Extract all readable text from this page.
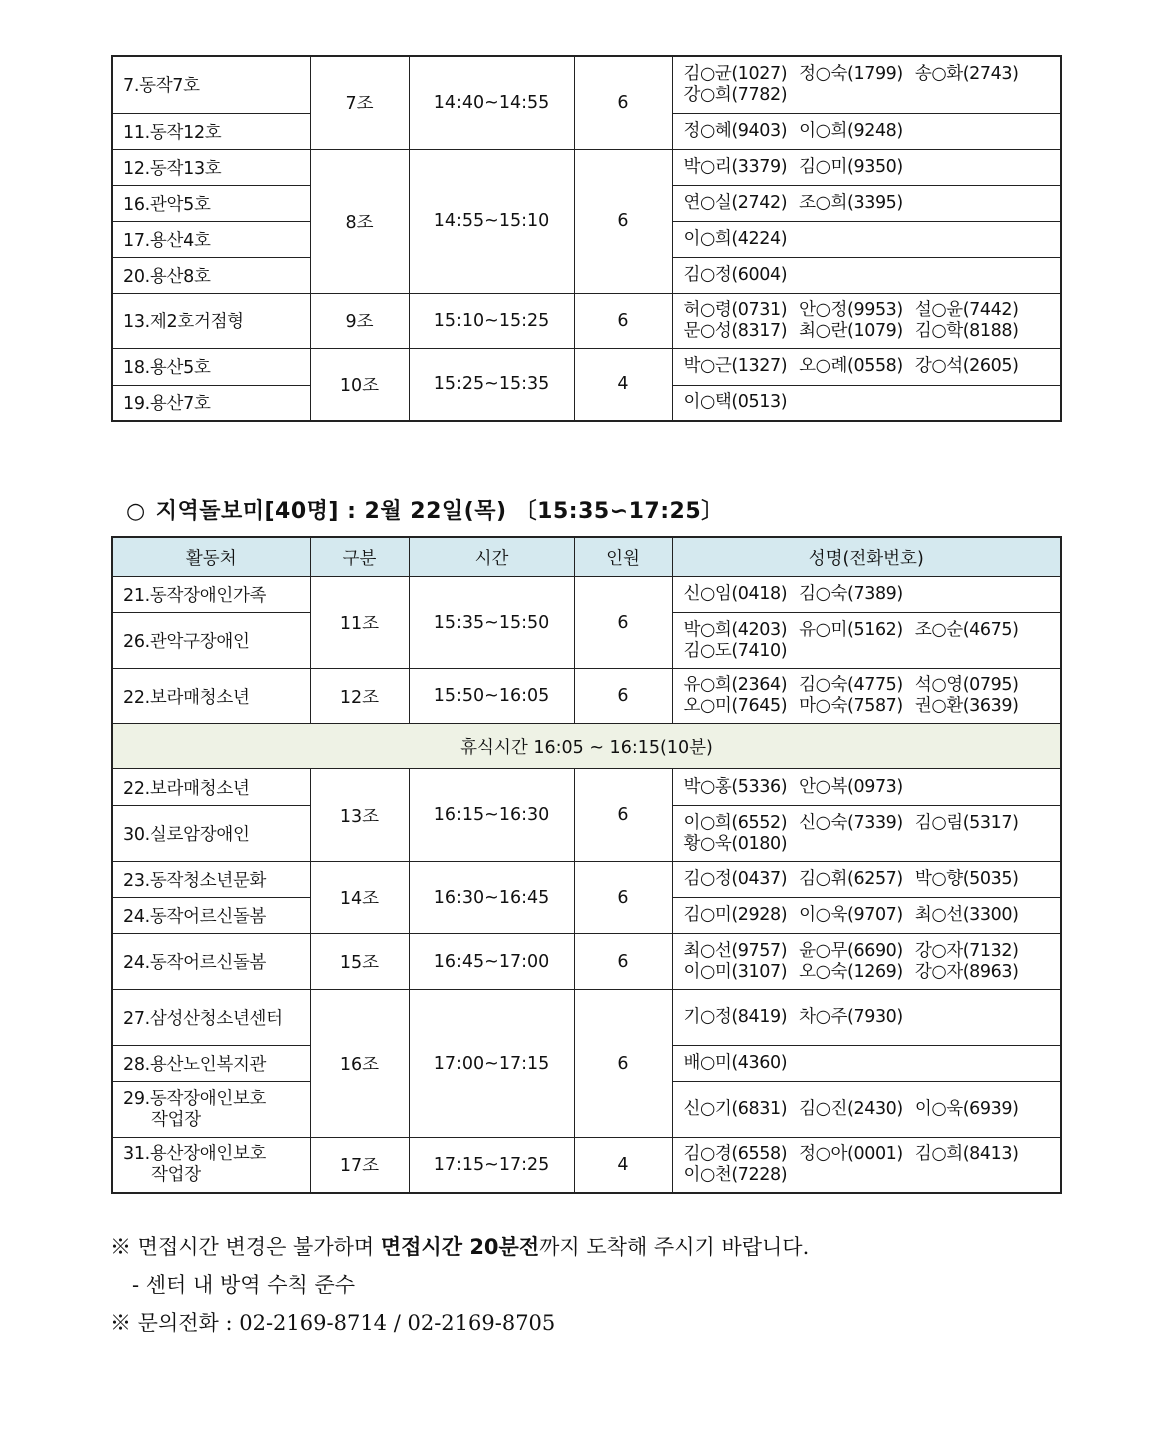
7.동작7호	7조	14:40~14:55	6	김○균(1027) 정○숙(1799) 송○화(2743)
강○희(7782)
11.동작12호				정○혜(9403) 이○희(9248)
12.동작13호	8조	14:55~15:10	6	박○리(3379) 김○미(9350)
16.관악5호				연○실(2742) 조○희(3395)
17.용산4호				이○희(4224)
20.용산8호				김○정(6004)
13.제2호거점형	9조	15:10~15:25	6	허○령(0731) 안○정(9953) 설○윤(7442)
문○성(8317) 최○란(1079) 김○학(8188)
18.용산5호	10조	15:25~15:35	4	박○근(1327) 오○례(0558) 강○석(2605)
19.용산7호				이○택(0513)
○ 지역돌보미[40명] : 2월 22일(목) 〔15:35∽17:25〕
활동처	구분	시간	인원	성명(전화번호)
21.동작장애인가족	11조	15:35~15:50	6	신○임(0418) 김○숙(7389)
26.관악구장애인				박○희(4203) 유○미(5162) 조○순(4675)
김○도(7410)
22.보라매청소년	12조	15:50~16:05	6	유○희(2364) 김○숙(4775) 석○영(0795)
오○미(7645) 마○숙(7587) 권○환(3639)
휴식시간 16:05 ~ 16:15(10분)				
22.보라매청소년	13조	16:15~16:30	6	박○홍(5336) 안○복(0973)
30.실로암장애인				이○희(6552) 신○숙(7339) 김○림(5317)
황○욱(0180)
23.동작청소년문화	14조	16:30~16:45	6	김○정(0437) 김○휘(6257) 박○향(5035)
24.동작어르신돌봄				김○미(2928) 이○욱(9707) 최○선(3300)
24.동작어르신돌봄	15조	16:45~17:00	6	최○선(9757) 윤○무(6690) 강○자(7132)
이○미(3107) 오○숙(1269) 강○자(8963)
27.삼성산청소년센터	16조	17:00~17:15	6	기○정(8419) 차○주(7930)
28.용산노인복지관				배○미(4360)

29.동작장애인보호
작업장				신○기(6831) 김○진(2430) 이○욱(6939)

31.용산장애인보호
작업장	17조	17:15~17:25	4	김○경(6558) 정○아(0001) 김○희(8413)
이○천(7228)
※ 면접시간 변경은 불가하며 면접시간 20분전까지 도착해 주시기 바랍니다.
- 센터 내 방역 수칙 준수
※ 문의전화 : 02-2169-8714 / 02-2169-8705
